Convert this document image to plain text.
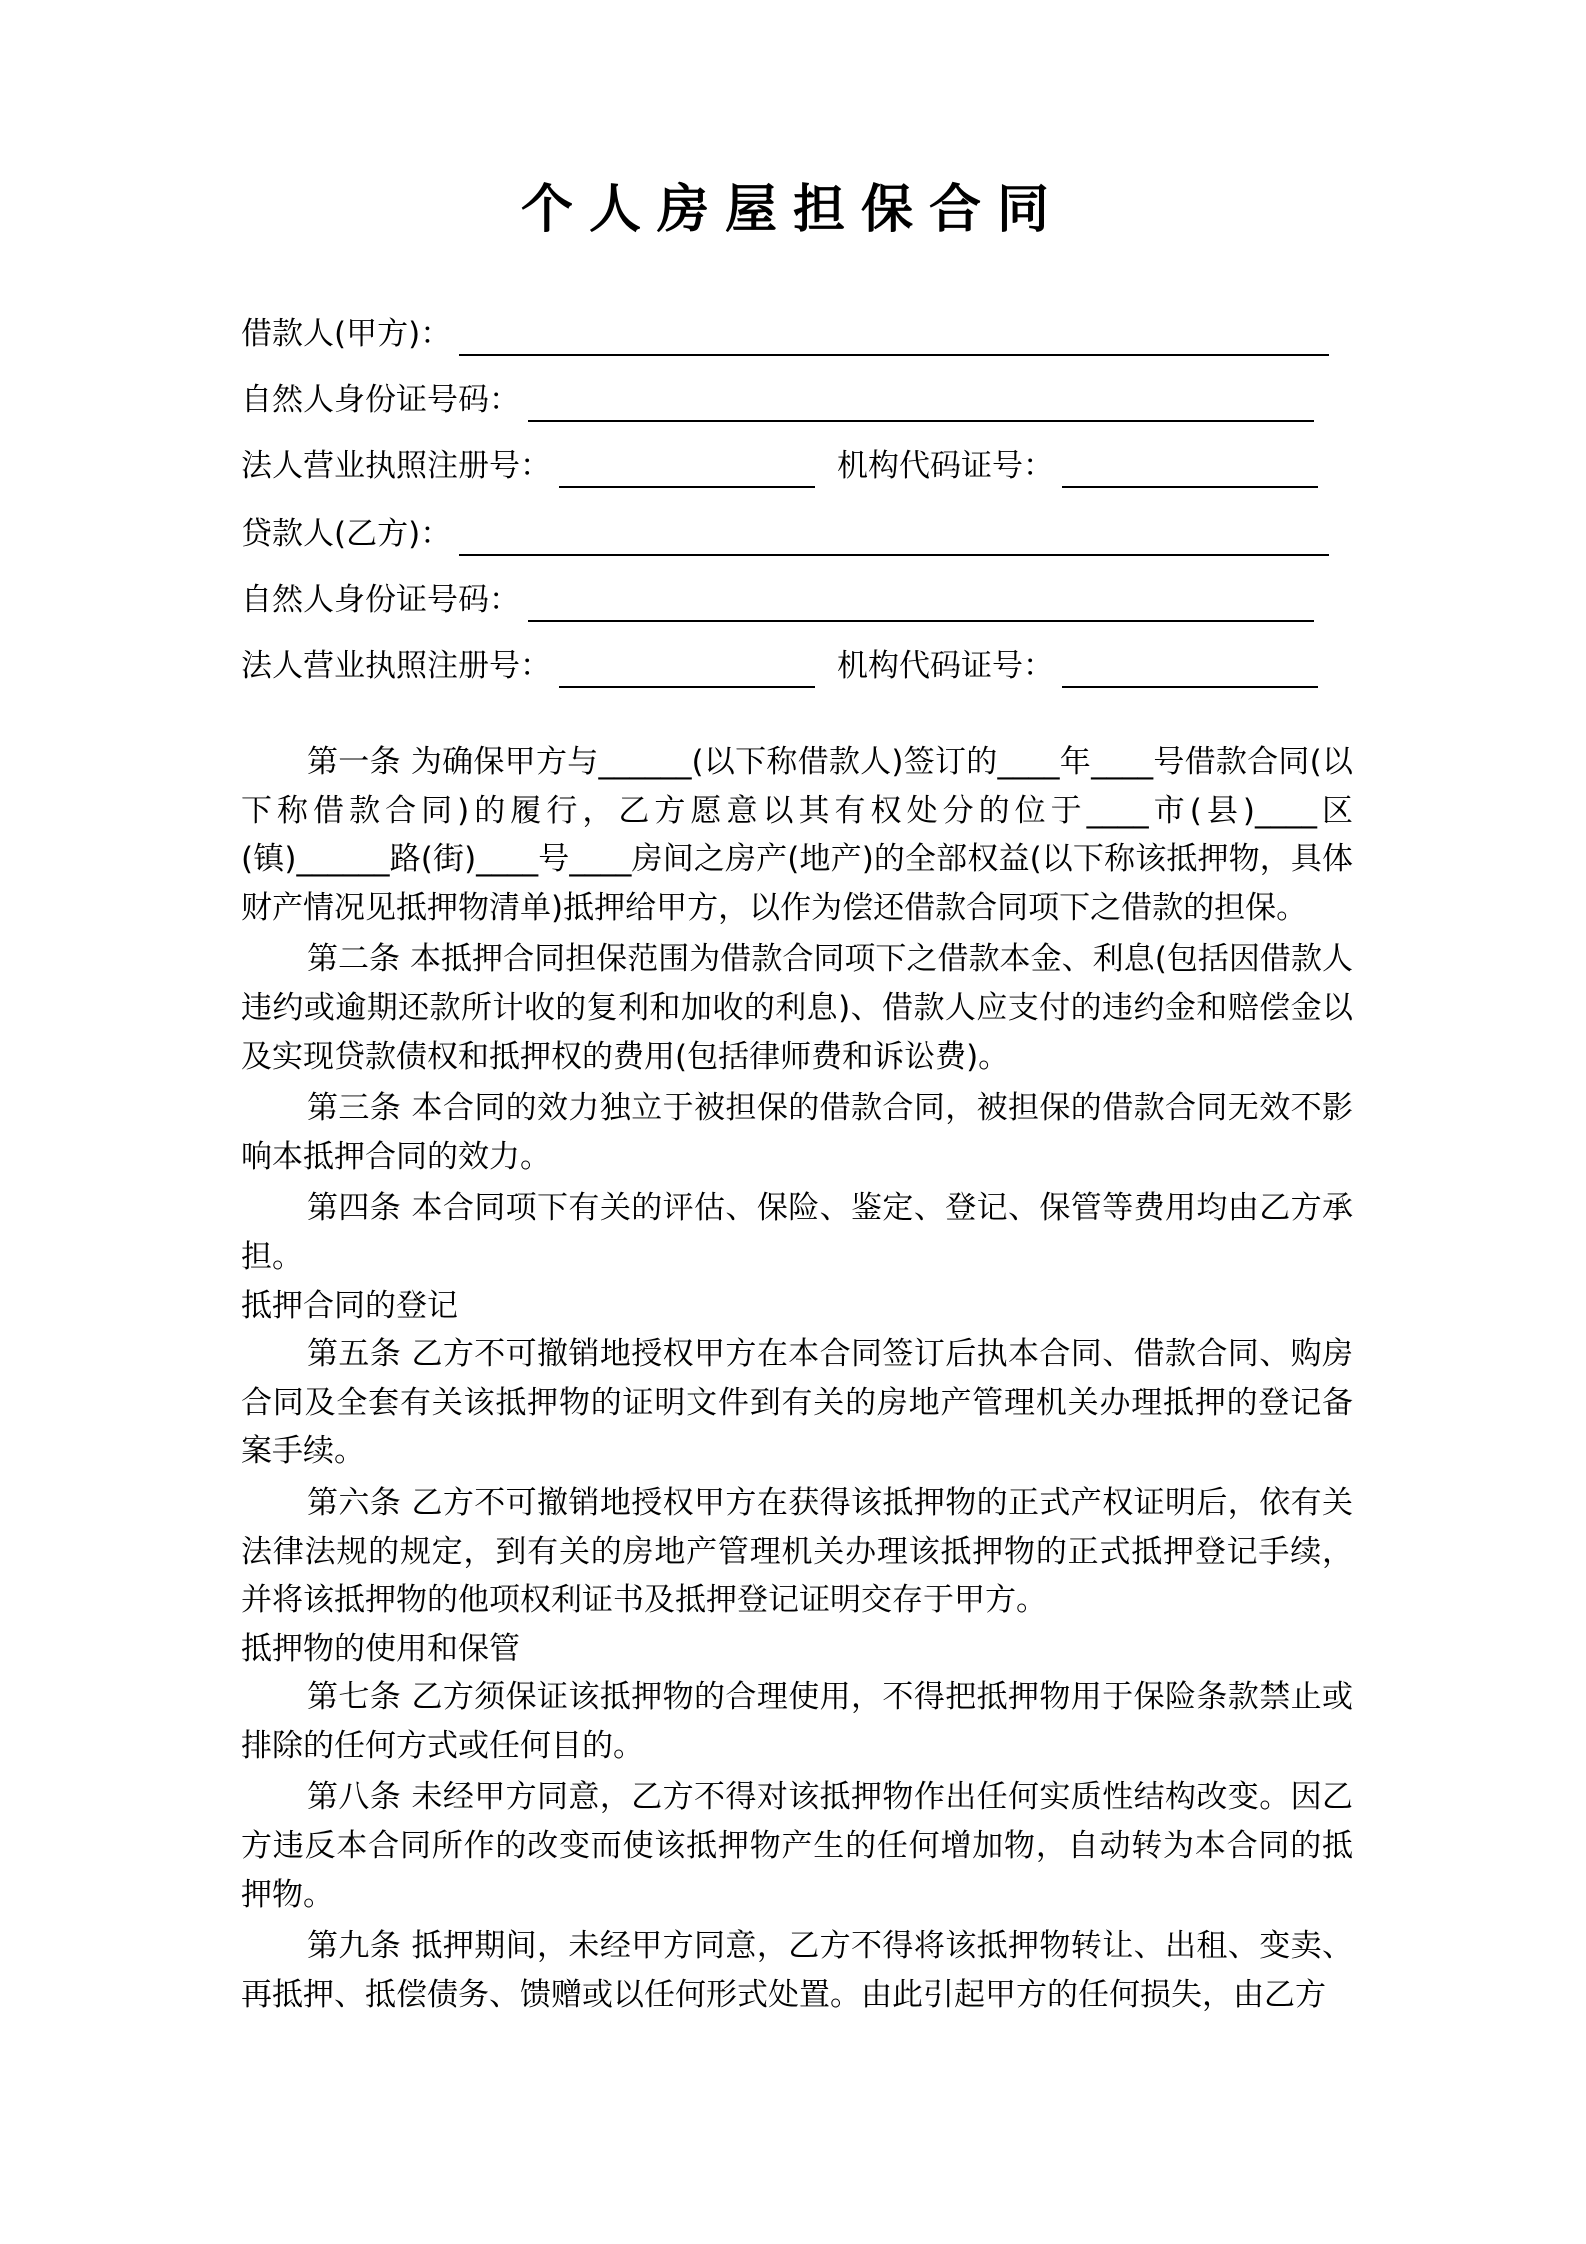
个人房屋担保合同
借款人(甲方)：
自然人身份证号码：
法人营业执照注册号：	机构代码证号：
贷款人(乙方)：
自然人身份证号码：
法人营业执照注册号：	机构代码证号：

第一条 为确保甲方与______(以下称借款人)签订的____年____号借款合同(以下称借款合同)的履行，乙方愿意以其有权处分的位于____市(县)____区(镇)______路(街)____号____房间之房产(地产)的全部权益(以下称该抵押物，具体财产情况见抵押物清单)抵押给甲方，以作为偿还借款合同项下之借款的担保。

第二条 本抵押合同担保范围为借款合同项下之借款本金、利息(包括因借款人违约或逾期还款所计收的复利和加收的利息)、借款人应支付的违约金和赔偿金以及实现贷款债权和抵押权的费用(包括律师费和诉讼费)。

第三条 本合同的效力独立于被担保的借款合同，被担保的借款合同无效不影响本抵押合同的效力。

第四条 本合同项下有关的评估、保险、鉴定、登记、保管等费用均由乙方承担。

抵押合同的登记

第五条 乙方不可撤销地授权甲方在本合同签订后执本合同、借款合同、购房合同及全套有关该抵押物的证明文件到有关的房地产管理机关办理抵押的登记备案手续。

第六条 乙方不可撤销地授权甲方在获得该抵押物的正式产权证明后，依有关法律法规的规定，到有关的房地产管理机关办理该抵押物的正式抵押登记手续，并将该抵押物的他项权利证书及抵押登记证明交存于甲方。

抵押物的使用和保管

第七条 乙方须保证该抵押物的合理使用，不得把抵押物用于保险条款禁止或排除的任何方式或任何目的。

第八条 未经甲方同意，乙方不得对该抵押物作出任何实质性结构改变。因乙方违反本合同所作的改变而使该抵押物产生的任何增加物，自动转为本合同的抵押物。

第九条 抵押期间，未经甲方同意，乙方不得将该抵押物转让、出租、变卖、再抵押、抵偿债务、馈赠或以任何形式处置。由此引起甲方的任何损失，由乙方
